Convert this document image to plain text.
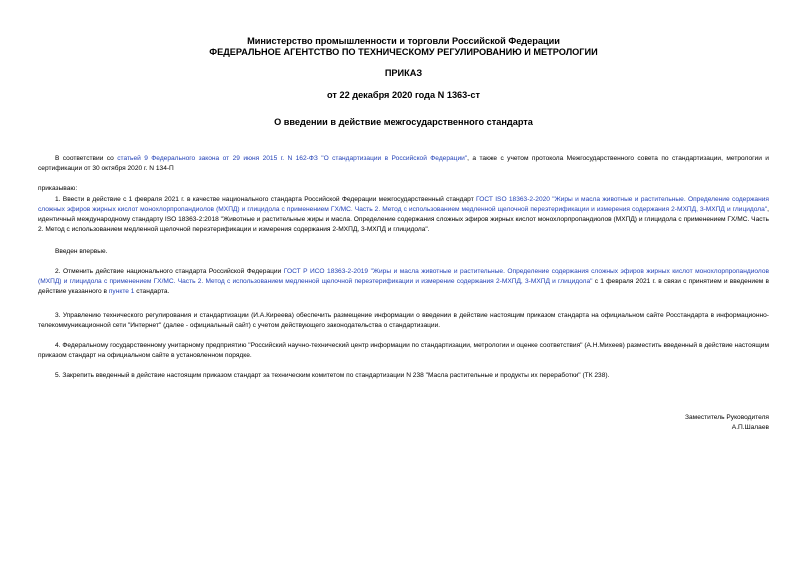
Министерство промышленности и торговли Российской Федерации
ФЕДЕРАЛЬНОЕ АГЕНТСТВО ПО ТЕХНИЧЕСКОМУ РЕГУЛИРОВАНИЮ И МЕТРОЛОГИИ
ПРИКАЗ
от 22 декабря 2020 года N 1363-ст
О введении в действие межгосударственного стандарта
В соответствии со статьей 9 Федерального закона от 29 июня 2015 г. N 162-ФЗ "О стандартизации в Российской Федерации", а также с учетом протокола Межгосударственного совета по стандартизации, метрологии и сертификации от 30 октября 2020 г. N 134-П
приказываю:
1. Ввести в действие с 1 февраля 2021 г. в качестве национального стандарта Российской Федерации межгосударственный стандарт ГОСТ ISO 18363-2-2020 "Жиры и масла животные и растительные. Определение содержания сложных эфиров жирных кислот монохлорпропандиолов (МХПД) и глицидола с применением ГХ/МС. Часть 2. Метод с использованием медленной щелочной переэтерификации и измерения содержания 2-МХПД, 3-МХПД и глицидола", идентичный международному стандарту ISO 18363-2:2018 "Животные и растительные жиры и масла. Определение содержания сложных эфиров жирных кислот монохлорпропандиолов (МХПД) и глицидола с применением ГХ/МС. Часть 2. Метод с использованием медленной щелочной переэтерификации и измерения содержания 2-МХПД, 3-МХПД и глицидола".
Введен впервые.
2. Отменить действие национального стандарта Российской Федерации ГОСТ Р ИСО 18363-2-2019 "Жиры и масла животные и растительные. Определение содержания сложных эфиров жирных кислот монохлорпропандиолов (МХПД) и глицидола с применением ГХ/МС. Часть 2. Метод с использованием медленной щелочной переэтерификации и измерение содержания 2-МХПД, 3-МХПД и глицидола" с 1 февраля 2021 г. в связи с принятием и введением в действие указанного в пункте 1 стандарта.
3. Управлению технического регулирования и стандартизации (И.А.Киреева) обеспечить размещение информации о введении в действие настоящим приказом стандарта на официальном сайте Росстандарта в информационно-телекоммуникационной сети "Интернет" (далее - официальный сайт) с учетом действующего законодательства о стандартизации.
4. Федеральному государственному унитарному предприятию "Российский научно-технический центр информации по стандартизации, метрологии и оценке соответствия" (А.Н.Михеев) разместить введенный в действие настоящим приказом стандарт на официальном сайте в установленном порядке.
5. Закрепить введенный в действие настоящим приказом стандарт за техническим комитетом по стандартизации N 238 "Масла растительные и продукты их переработки" (ТК 238).
Заместитель Руководителя
А.П.Шалаев
